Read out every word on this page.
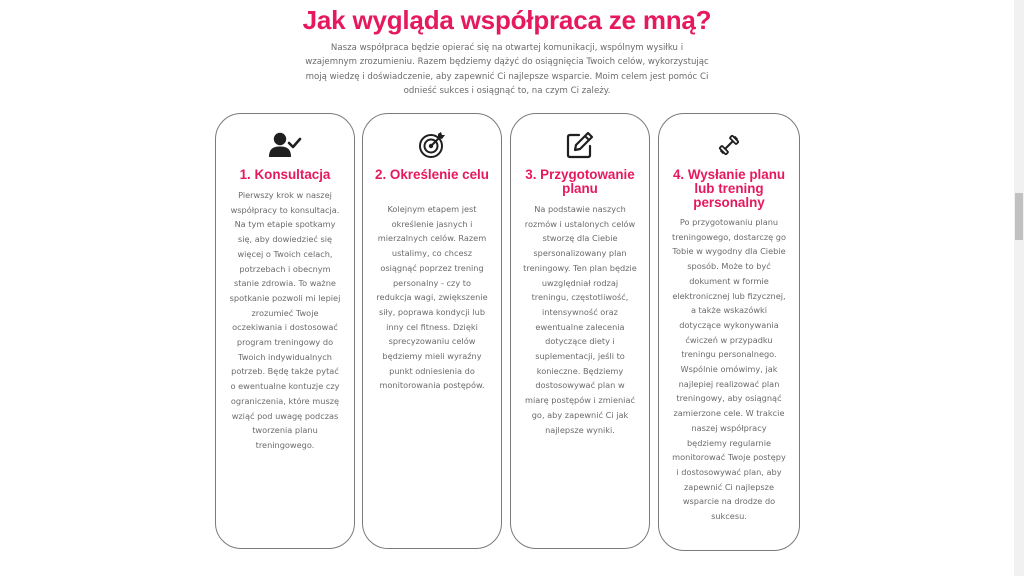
Jak wygląda współpraca ze mną?
Nasza współpraca będzie opierać się na otwartej komunikacji, wspólnym wysiłku i wzajemnym zrozumieniu. Razem będziemy dążyć do osiągnięcia Twoich celów, wykorzystując moją wiedzę i doświadczenie, aby zapewnić Ci najlepsze wsparcie. Moim celem jest pomóc Ci odnieść sukces i osiągnąć to, na czym Ci zależy.
1. Konsultacja
Pierwszy krok w naszej współpracy to konsultacja. Na tym etapie spotkamy się, aby dowiedzieć się więcej o Twoich celach, potrzebach i obecnym stanie zdrowia. To ważne spotkanie pozwoli mi lepiej zrozumieć Twoje oczekiwania i dostosować program treningowy do Twoich indywidualnych potrzeb. Będę także pytać o ewentualne kontuzje czy ograniczenia, które muszę wziąć pod uwagę podczas tworzenia planu treningowego.
2. Określenie celu
Kolejnym etapem jest określenie jasnych i mierzalnych celów. Razem ustalimy, co chcesz osiągnąć poprzez trening personalny - czy to redukcja wagi, zwiększenie siły, poprawa kondycji lub inny cel fitness. Dzięki sprecyzowaniu celów będziemy mieli wyraźny punkt odniesienia do monitorowania postępów.
3. Przygotowanie planu
Na podstawie naszych rozmów i ustalonych celów stworzę dla Ciebie spersonalizowany plan treningowy. Ten plan będzie uwzględniał rodzaj treningu, częstotliwość, intensywność oraz ewentualne zalecenia dotyczące diety i suplementacji, jeśli to konieczne. Będziemy dostosowywać plan w miarę postępów i zmieniać go, aby zapewnić Ci jak najlepsze wyniki.
4. Wysłanie planu lub trening personalny
Po przygotowaniu planu treningowego, dostarczę go Tobie w wygodny dla Ciebie sposób. Może to być dokument w formie elektronicznej lub fizycznej, a także wskazówki dotyczące wykonywania ćwiczeń w przypadku treningu personalnego. Wspólnie omówimy, jak najlepiej realizować plan treningowy, aby osiągnąć zamierzone cele. W trakcie naszej współpracy będziemy regularnie monitorować Twoje postępy i dostosowywać plan, aby zapewnić Ci najlepsze wsparcie na drodze do sukcesu.
